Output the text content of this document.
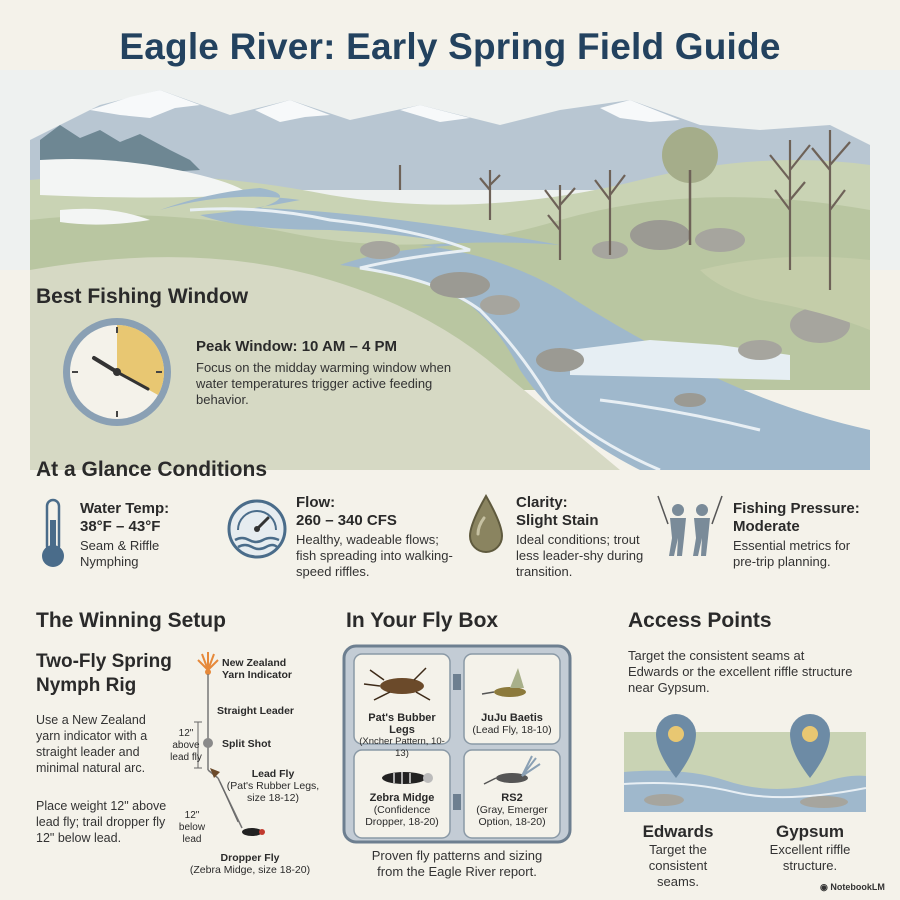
Eagle River: Early Spring Field Guide
Best Fishing Window
Peak Window: 10 AM – 4 PM
Focus on the midday warming window when water temperatures trigger active feeding behavior.
At a Glance Conditions
Water Temp:
38°F – 43°F
Seam & Riffle Nymphing
Flow:
260 – 340 CFS
Healthy, wadeable flows; fish spreading into walking-speed riffles.
Clarity:
Slight Stain
Ideal conditions; trout less leader-shy during transition.
Fishing Pressure:
Moderate
Essential metrics for pre-trip planning.
The Winning Setup
Two-Fly Spring
Nymph Rig
Use a New Zealand yarn indicator with a straight leader and minimal natural arc.
Place weight 12" above lead fly; trail dropper fly 12" below lead.
New Zealand
Yarn Indicator
Straight Leader
Split Shot
12"
above
lead fly
Lead Fly
(Pat's Rubber Legs,
size 18-12)
12"
below
lead
Dropper Fly
(Zebra Midge, size 18-20)
In Your Fly Box
Pat's Bubber Legs
(Xncher Pattern, 10-13)
JuJu Baetis
(Lead Fly, 18-10)
Zebra Midge
(Confidence
Dropper, 18-20)
RS2
(Gray, Emerger
Option, 18-20)
Proven fly patterns and sizing
from the Eagle River report.
Access Points
Target the consistent seams at Edwards or the excellent riffle structure near Gypsum.
Edwards
Target the
consistent seams.
Gypsum
Excellent riffle
structure.
◉ NotebookLM
